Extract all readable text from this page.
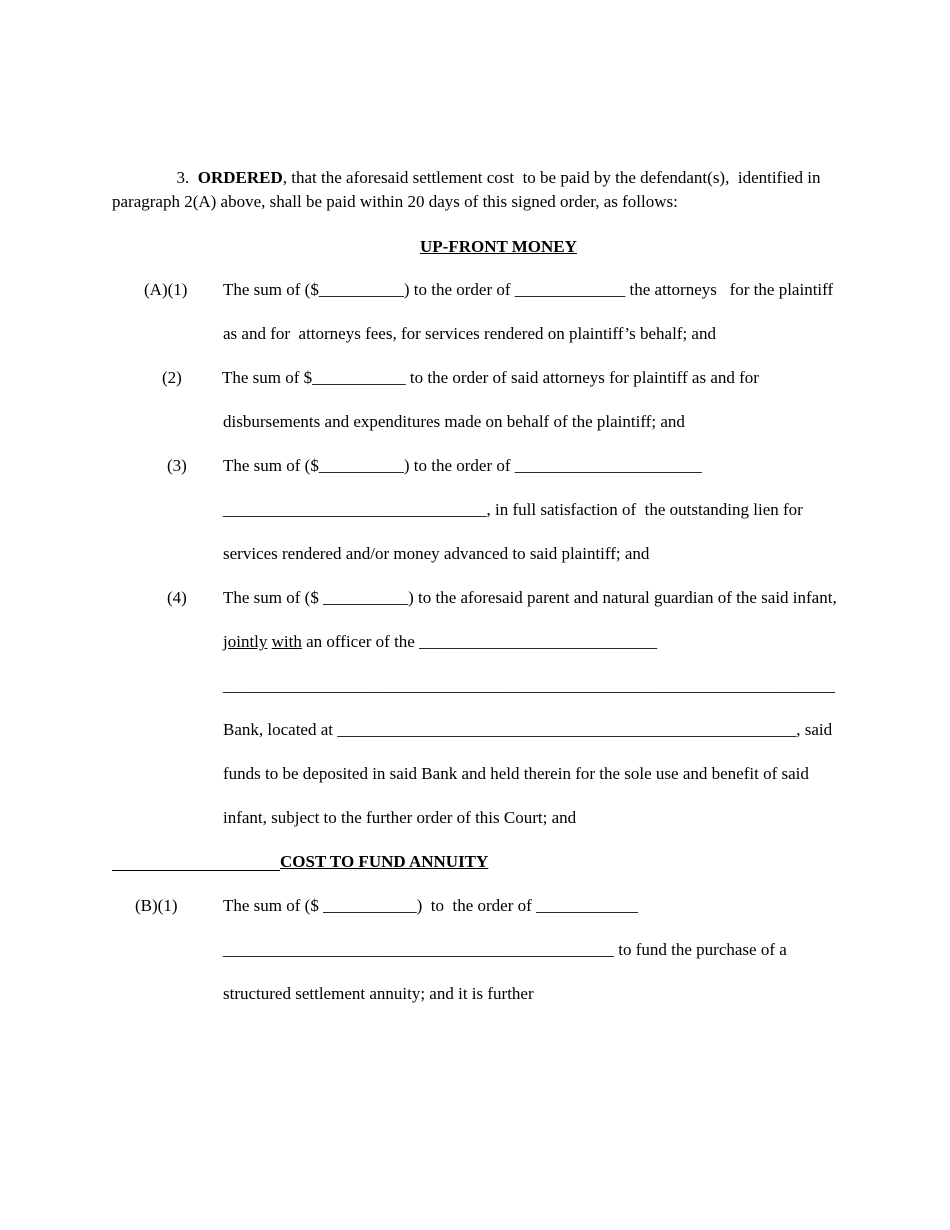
3. ORDERED, that the aforesaid settlement cost  to be paid by the defendant(s),  identified in

paragraph 2(A) above, shall be paid within 20 days of this signed order, as follows:
UP-FRONT MONEY
(A)(1) The sum of ($__________) to the order of _____________ the attorneys   for the plaintiff
as and for  attorneys fees, for services rendered on plaintiff’s behalf; and
(2) The sum of $___________ to the order of said attorneys for plaintiff as and for
disbursements and expenditures made on behalf of the plaintiff; and
(3) The sum of ($__________) to the order of ______________________
_______________________________, in full satisfaction of  the outstanding lien for
services rendered and/or money advanced to said plaintiff; and
(4) The sum of ($ __________) to the aforesaid parent and natural guardian of the said infant,
jointly with an officer of the ____________________________
________________________________________________________________________
Bank, located at ______________________________________________________, said
funds to be deposited in said Bank and held therein for the sole use and benefit of said
infant, subject to the further order of this Court; and
COST TO FUND ANNUITY
(B)(1)	The sum of ($ ___________)  to  the order of ____________
______________________________________________ to fund the purchase of a
structured settlement annuity; and it is further
